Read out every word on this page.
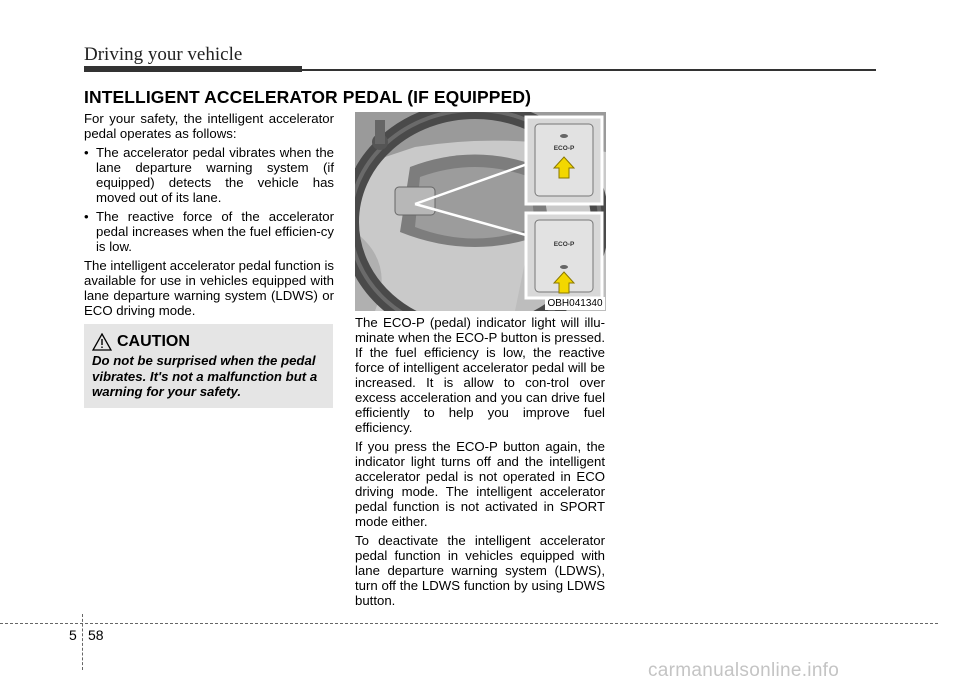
Driving your vehicle
INTELLIGENT ACCELERATOR PEDAL (IF EQUIPPED)

For your safety, the intelligent accelerator pedal operates as follows:

• The accelerator pedal vibrates when the lane departure warning system (if equipped) detects the vehicle has moved out of its lane.
• The reactive force of the accelerator pedal increases when the fuel efficien-cy is low.

The intelligent accelerator pedal function is available for use in vehicles equipped with lane departure warning system (LDWS) or ECO driving mode.

CAUTION
Do not be surprised when the pedal vibrates. It's not a malfunction but a warning for your safety.
ECO-P
ECO-P
OBH041340

The ECO-P (pedal) indicator light will illu-minate when the ECO-P button is pressed. If the fuel efficiency is low, the reactive force of intelligent accelerator pedal will be increased. It is allow to con-trol over excess acceleration and you can drive fuel efficiently to help you improve fuel efficiency.

If you press the ECO-P button again, the indicator light turns off and the intelligent accelerator pedal is not operated in ECO driving mode. The intelligent accelerator pedal function is not activated in SPORT mode either.

To deactivate the intelligent accelerator pedal function in vehicles equipped with lane departure warning system (LDWS), turn off the LDWS function by using LDWS button.

5 58
carmanualsonline.info
